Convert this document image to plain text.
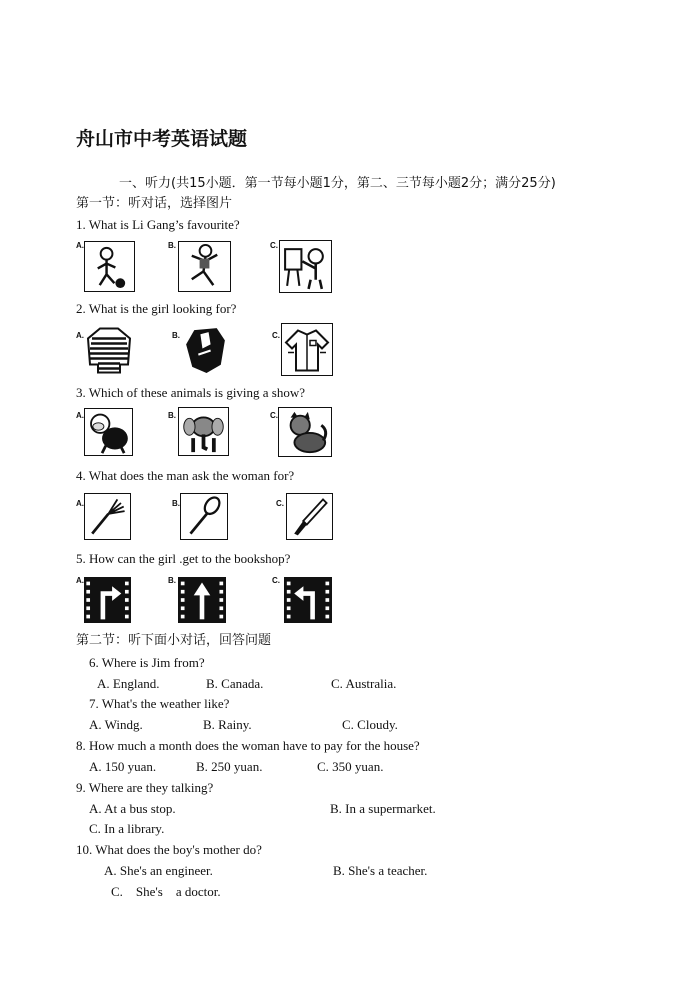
舟山市中考英语试题
一、听力(共15小题．第一节每小题1分，第二、三节每小题2分；满分25分)
第一节：听对话，选择图片
1. What is Li Gang’s favourite?
A.	B.	C.
2. What is the girl looking for?
A.	B.	C.
3. Which of these animals is giving a show?
A.	B.	C.
4. What does the man ask the woman for?
A.	B.	C.
5. How can the girl .get to the bookshop?
A.	B.	C.
第二节：听下面小对话，回答问题
6. Where is Jim from?
A. England.	B. Canada.	C. Australia.
7. What's the weather like?
A. Windg.	B. Rainy.	C. Cloudy.
8. How much a month does the woman have to pay for the house?
A. 150 yuan.	B. 250 yuan.	C. 350 yuan.
9. Where are they talking?
A. At a bus stop.	B. In a supermarket.
C. In a library.
10. What does the boy's mother do?
A. She's an engineer.	B. She's a teacher.
C.    She's    a doctor.
